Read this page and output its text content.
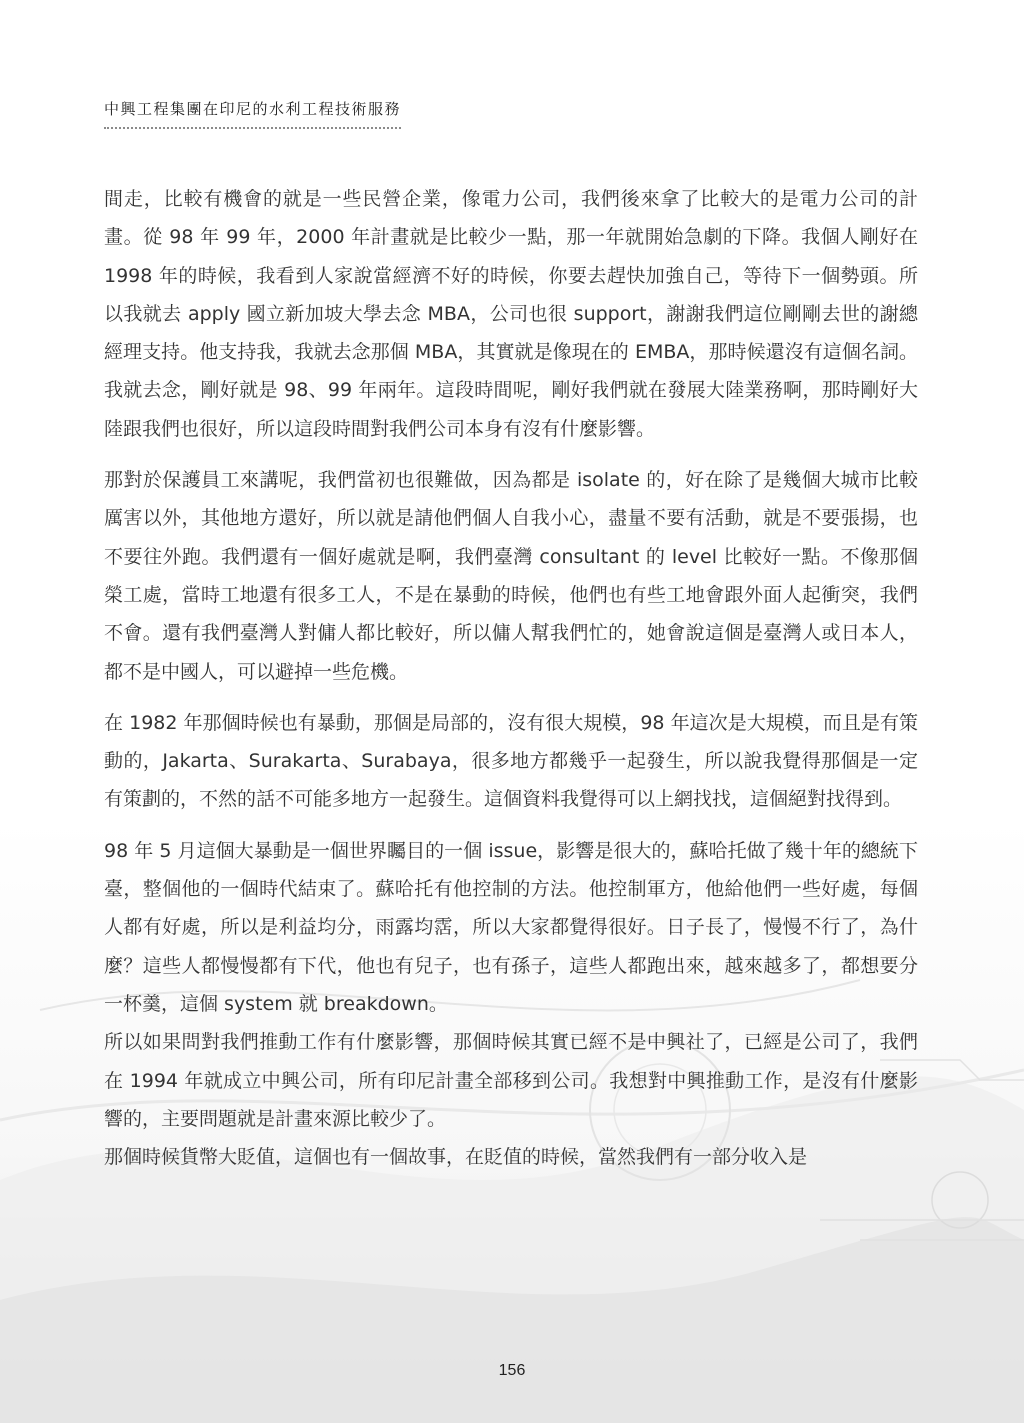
中興工程集團在印尼的水利工程技術服務

間走，比較有機會的就是一些民營企業，像電力公司，我們後來拿了比較大的是電力公司的計畫。從 98 年 99 年，2000 年計畫就是比較少一點，那一年就開始急劇的下降。我個人剛好在 1998 年的時候，我看到人家說當經濟不好的時候，你要去趕快加強自己，等待下一個勢頭。所以我就去 apply 國立新加坡大學去念 MBA，公司也很 support，謝謝我們這位剛剛去世的謝總經理支持。他支持我，我就去念那個 MBA，其實就是像現在的 EMBA，那時候還沒有這個名詞。我就去念，剛好就是 98、99 年兩年。這段時間呢，剛好我們就在發展大陸業務啊，那時剛好大陸跟我們也很好，所以這段時間對我們公司本身有沒有什麼影響。

那對於保護員工來講呢，我們當初也很難做，因為都是 isolate 的，好在除了是幾個大城市比較厲害以外，其他地方還好，所以就是請他們個人自我小心，盡量不要有活動，就是不要張揚，也不要往外跑。我們還有一個好處就是啊，我們臺灣 consultant 的 level 比較好一點。不像那個榮工處，當時工地還有很多工人，不是在暴動的時候，他們也有些工地會跟外面人起衝突，我們不會。還有我們臺灣人對傭人都比較好，所以傭人幫我們忙的，她會說這個是臺灣人或日本人，都不是中國人，可以避掉一些危機。

在 1982 年那個時候也有暴動，那個是局部的，沒有很大規模，98 年這次是大規模，而且是有策動的，Jakarta、Surakarta、Surabaya，很多地方都幾乎一起發生，所以說我覺得那個是一定有策劃的，不然的話不可能多地方一起發生。這個資料我覺得可以上網找找，這個絕對找得到。

98 年 5 月這個大暴動是一個世界矚目的一個 issue，影響是很大的，蘇哈托做了幾十年的總統下臺，整個他的一個時代結束了。蘇哈托有他控制的方法。他控制軍方，他給他們一些好處，每個人都有好處，所以是利益均分，雨露均霑，所以大家都覺得很好。日子長了，慢慢不行了，為什麼？這些人都慢慢都有下代，他也有兒子，也有孫子，這些人都跑出來，越來越多了，都想要分一杯羹，這個 system 就 breakdown。

所以如果問對我們推動工作有什麼影響，那個時候其實已經不是中興社了，已經是公司了，我們在 1994 年就成立中興公司，所有印尼計畫全部移到公司。我想對中興推動工作，是沒有什麼影響的，主要問題就是計畫來源比較少了。

那個時候貨幣大貶值，這個也有一個故事，在貶值的時候，當然我們有一部分收入是

156
